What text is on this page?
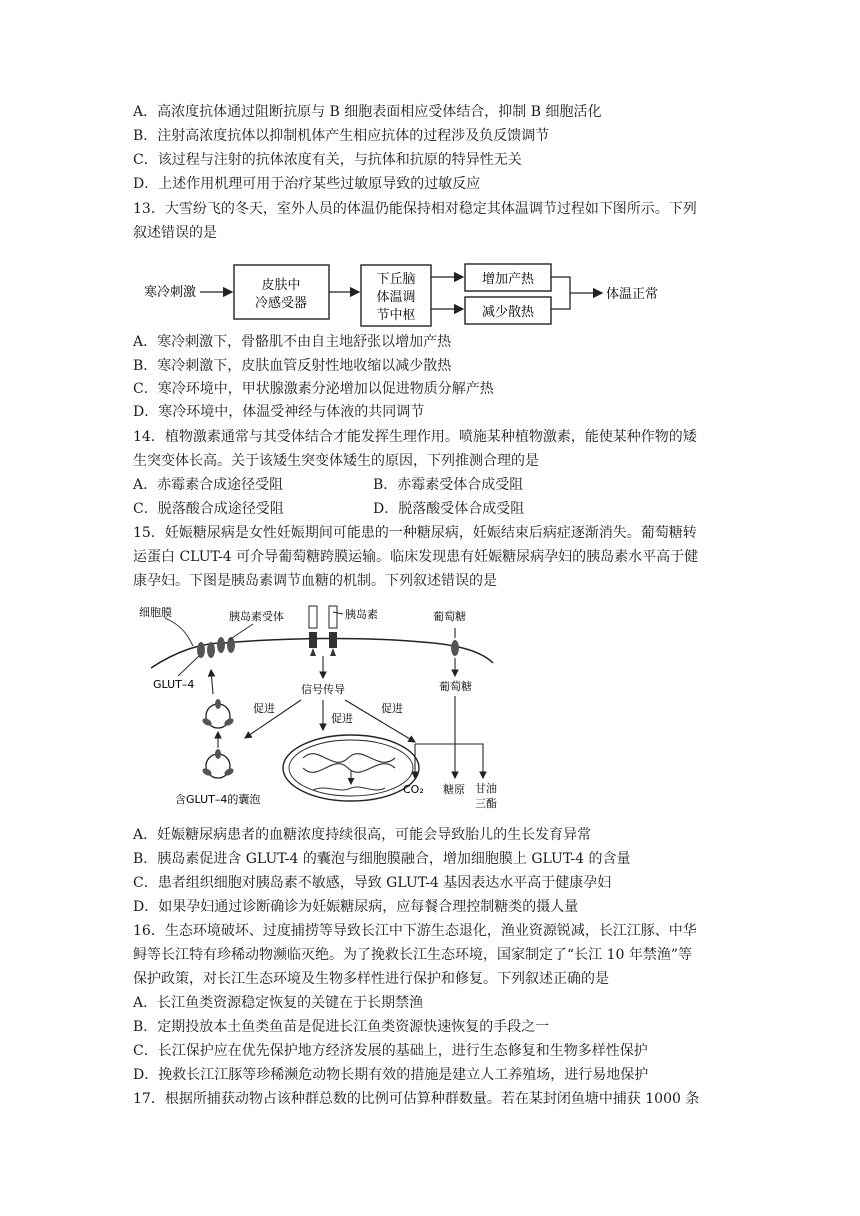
A．高浓度抗体通过阻断抗原与 B 细胞表面相应受体结合，抑制 B 细胞活化
B．注射高浓度抗体以抑制机体产生相应抗体的过程涉及负反馈调节
C．该过程与注射的抗体浓度有关，与抗体和抗原的特异性无关
D．上述作用机理可用于治疗某些过敏原导致的过敏反应
13．大雪纷飞的冬天，室外人员的体温仍能保持相对稳定其体温调节过程如下图所示。下列
叙述错误的是
寒冷刺激	皮肤中
冷感受器
下丘脑
体温调
节中枢
增加产热
减少散热
体温正常
A．寒冷刺激下，骨骼肌不由自主地舒张以增加产热
B．寒冷刺激下，皮肤血管反射性地收缩以减少散热
C．寒冷环境中，甲状腺激素分泌增加以促进物质分解产热
D．寒冷环境中，体温受神经与体液的共同调节
14．植物激素通常与其受体结合才能发挥生理作用。喷施某种植物激素，能使某种作物的矮
生突变体长高。关于该矮生突变体矮生的原因，下列推测合理的是
A．赤霉素合成途径受阻	B．赤霉素受体合成受阻
C．脱落酸合成途径受阻	D．脱落酸受体合成受阻
15．妊娠糖尿病是女性妊娠期间可能患的一种糖尿病，妊娠结束后病症逐渐消失。葡萄糖转
运蛋白 CLUT-4 可介导葡萄糖跨膜运输。临床发现患有妊娠糖尿病孕妇的胰岛素水平高于健
康孕妇。下图是胰岛素调节血糖的机制。下列叙述错误的是
细胞膜
GLUT–4
胰岛素受体	胰岛素	葡萄糖
葡萄糖
信号传导
促进
促进
促进
含GLUT–4的囊泡
CO₂ 糖原 甘油
三酯
A．妊娠糖尿病患者的血糖浓度持续很高，可能会导致胎儿的生长发育异常
B．胰岛素促进含 GLUT-4 的囊泡与细胞膜融合，增加细胞膜上 GLUT-4 的含量
C．患者组织细胞对胰岛素不敏感，导致 GLUT-4 基因表达水平高于健康孕妇
D．如果孕妇通过诊断确诊为妊娠糖尿病，应每餐合理控制糖类的摄人量
16．生态环境破坏、过度捕捞等导致长江中下游生态退化，渔业资源锐减，长江江豚、中华
鲟等长江特有珍稀动物濒临灭绝。为了挽救长江生态环境，国家制定了“长江 10 年禁渔”等
保护政策，对长江生态环境及生物多样性进行保护和修复。下列叙述正确的是
A．长江鱼类资源稳定恢复的关键在于长期禁渔
B．定期投放本土鱼类鱼苗是促进长江鱼类资源快速恢复的手段之一
C．长江保护应在优先保护地方经济发展的基础上，进行生态修复和生物多样性保护
D．挽救长江江豚等珍稀濒危动物长期有效的措施是建立人工养殖场，进行易地保护
17．根据所捕获动物占该种群总数的比例可估算种群数量。若在某封闭鱼塘中捕获 1000 条
